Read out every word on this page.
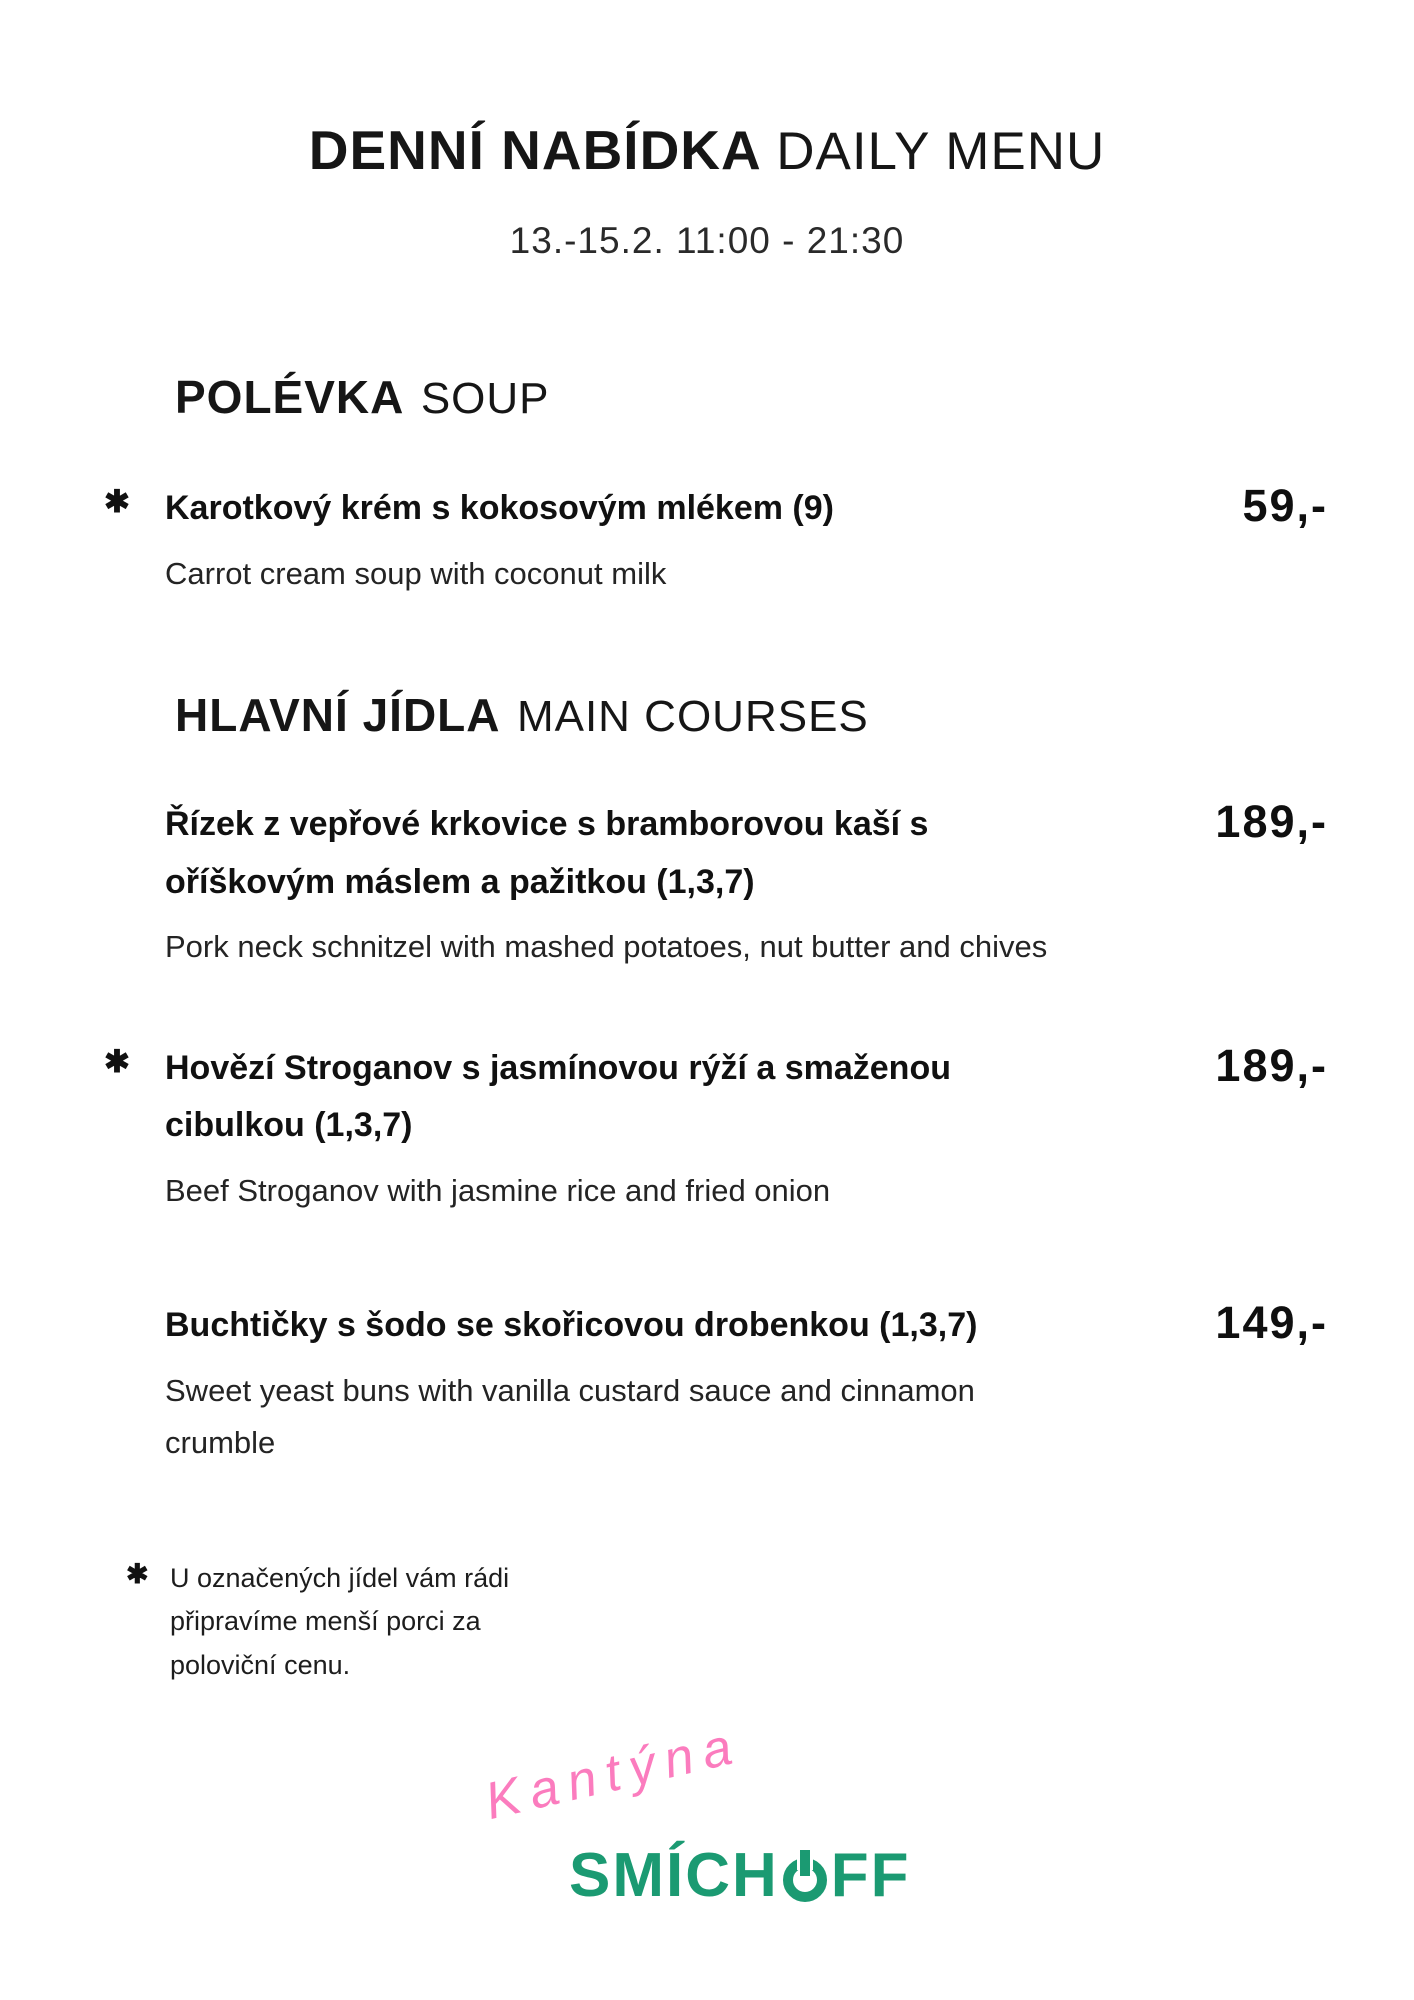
DENNÍ NABÍDKA DAILY MENU
13.-15.2. 11:00 - 21:30
POLÉVKA SOUP
✱	Karotkový krém s kokosovým mlékem (9)
Carrot cream soup with coconut milk
59,-
HLAVNÍ JÍDLA MAIN COURSES
Řízek z vepřové krkovice s bramborovou kaší s oříškovým máslem a pažitkou (1,3,7)
Pork neck schnitzel with mashed potatoes, nut butter and chives
189,-
✱	Hovězí Stroganov s jasmínovou rýží a smaženou cibulkou (1,3,7)
Beef Stroganov with jasmine rice and fried onion
189,-
Buchtičky s šodo se skořicovou drobenkou (1,3,7)
Sweet yeast buns with vanilla custard sauce and cinnamon crumble
149,-
✱ U označených jídel vám rádi připravíme menší porci za poloviční cenu.
Kantýna
SMÍCH FF
